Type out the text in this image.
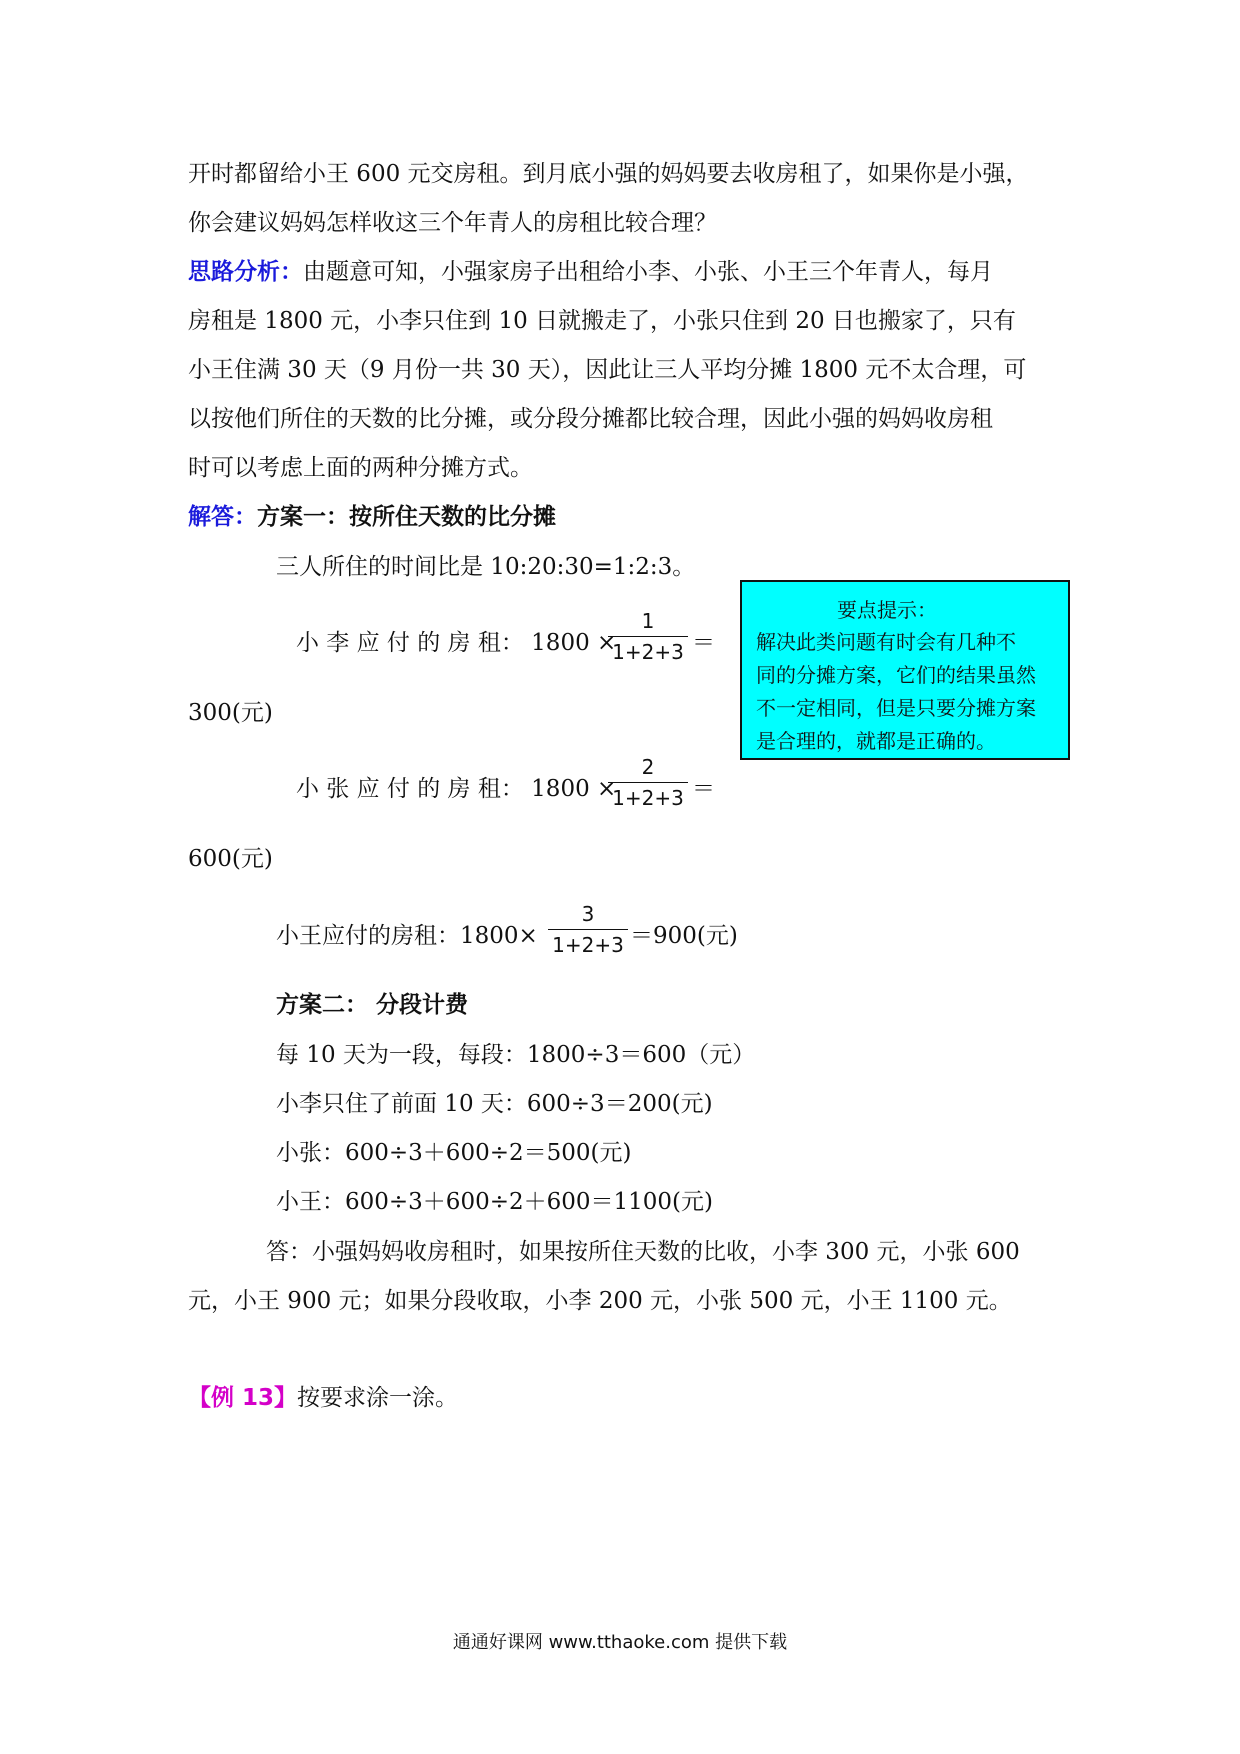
开时都留给小王 600 元交房租。到月底小强的妈妈要去收房租了，如果你是小强，
你会建议妈妈怎样收这三个年青人的房租比较合理？
思路分析：由题意可知，小强家房子出租给小李、小张、小王三个年青人，每月
房租是 1800 元，小李只住到 10 日就搬走了，小张只住到 20 日也搬家了，只有
小王住满 30 天（9 月份一共 30 天），因此让三人平均分摊 1800 元不太合理，可
以按他们所住的天数的比分摊，或分段分摊都比较合理，因此小强的妈妈收房租
时可以考虑上面的两种分摊方式。
解答：方案一：按所住天数的比分摊
三人所住的时间比是 10:20:30=1:2:3。
小 李 应 付 的 房 租： 1800 ×
1
1+2+3 ＝
300(元)
小 张 应 付 的 房 租： 1800 ×
2
1+2+3 ＝
600(元)
小王应付的房租：1800×
3
1+2+3 ＝900(元)
方案二： 分段计费
每 10 天为一段，每段：1800÷3＝600（元）
小李只住了前面 10 天：600÷3＝200(元)
小张：600÷3＋600÷2＝500(元)
小王：600÷3＋600÷2＋600＝1100(元)
答：小强妈妈收房租时，如果按所住天数的比收，小李 300 元，小张 600
元，小王 900 元；如果分段收取，小李 200 元，小张 500 元，小王 1100 元。
【例 13】按要求涂一涂。
要点提示：
解决此类问题有时会有几种不
同的分摊方案，它们的结果虽然
不一定相同，但是只要分摊方案
是合理的，就都是正确的。
通通好课网 www.tthaoke.com 提供下载
